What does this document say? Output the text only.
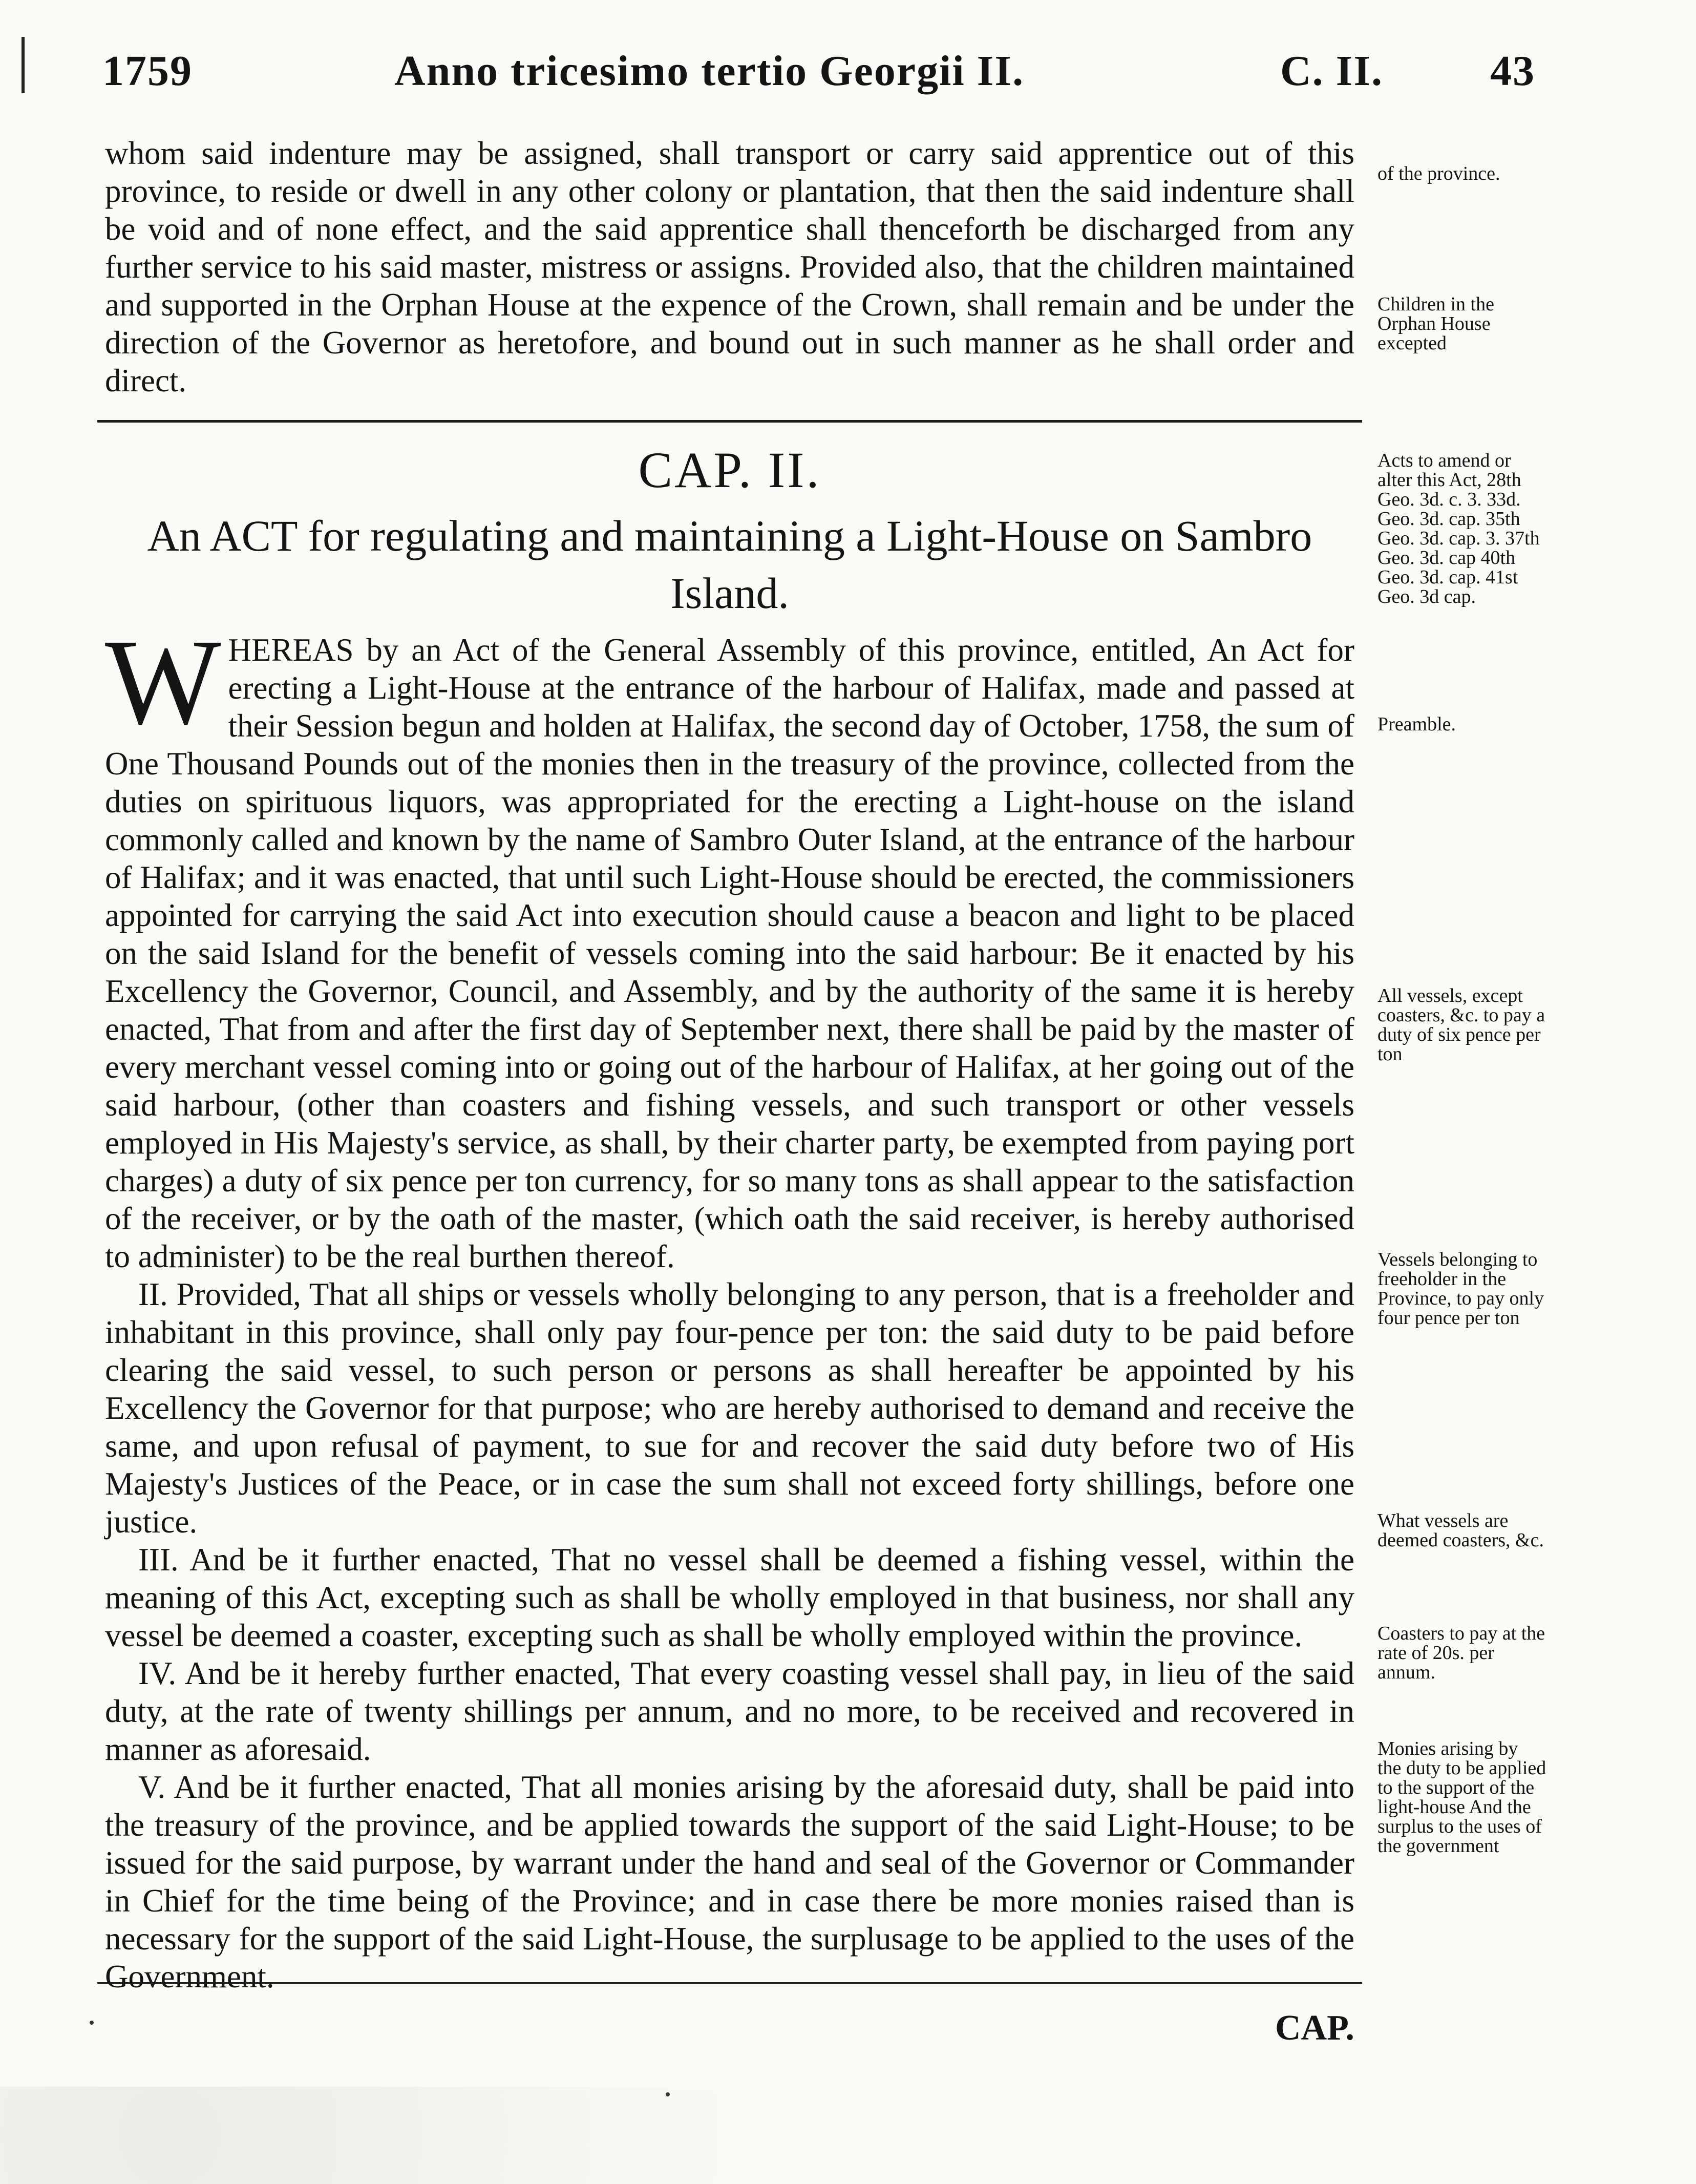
1759	Anno tricesimo tertio Georgii II.	C. II. 43

whom said indenture may be assigned, shall transport or carry said apprentice out of this province, to reside or dwell in any other colony or plantation, that then the said indenture shall be void and of none effect, and the said apprentice shall thenceforth be discharged from any further service to his said master, mistress or assigns. Provided also, that the children maintained and supported in the Orphan House at the expence of the Crown, shall remain and be under the direction of the Governor as heretofore, and bound out in such manner as he shall order and direct.

CAP. II.
An ACT for regulating and maintaining a Light-House on Sambro Island.

W HEREAS by an Act of the General Assembly of this province, entitled, An Act for erecting a Light-House at the entrance of the harbour of Halifax, made and passed at their Session begun and holden at Halifax, the second day of October, 1758, the sum of One Thousand Pounds out of the monies then in the treasury of the province, collected from the duties on spirituous liquors, was appropriated for the erecting a Light-house on the island commonly called and known by the name of Sambro Outer Island, at the entrance of the harbour of Halifax; and it was enacted, that until such Light-House should be erected, the commissioners appointed for carrying the said Act into execution should cause a beacon and light to be placed on the said Island for the benefit of vessels coming into the said harbour: Be it enacted by his Excellency the Governor, Council, and Assembly, and by the authority of the same it is hereby enacted, That from and after the first day of September next, there shall be paid by the master of every merchant vessel coming into or going out of the harbour of Halifax, at her going out of the said harbour, (other than coasters and fishing vessels, and such transport or other vessels employed in His Majesty's service, as shall, by their charter party, be exempted from paying port charges) a duty of six pence per ton currency, for so many tons as shall appear to the satisfaction of the receiver, or by the oath of the master, (which oath the said receiver, is hereby authorised to administer) to be the real burthen thereof.

II. Provided, That all ships or vessels wholly belonging to any person, that is a freeholder and inhabitant in this province, shall only pay four-pence per ton: the said duty to be paid before clearing the said vessel, to such person or persons as shall hereafter be appointed by his Excellency the Governor for that purpose; who are hereby authorised to demand and receive the same, and upon refusal of payment, to sue for and recover the said duty before two of His Majesty's Justices of the Peace, or in case the sum shall not exceed forty shillings, before one justice.

III. And be it further enacted, That no vessel shall be deemed a fishing vessel, within the meaning of this Act, excepting such as shall be wholly employed in that business, nor shall any vessel be deemed a coaster, excepting such as shall be wholly employed within the province.

IV. And be it hereby further enacted, That every coasting vessel shall pay, in lieu of the said duty, at the rate of twenty shillings per annum, and no more, to be received and recovered in manner as aforesaid.

V. And be it further enacted, That all monies arising by the aforesaid duty, shall be paid into the treasury of the province, and be applied towards the support of the said Light-House; to be issued for the said purpose, by warrant under the hand and seal of the Governor or Commander in Chief for the time being of the Province; and in case there be more monies raised than is necessary for the support of the said Light-House, the surplusage to be applied to the uses of the Government.

of the province.
Children in the Orphan House excepted
Acts to amend or alter this Act, 28th Geo. 3d. c. 3. 33d. Geo. 3d. cap. 35th Geo. 3d. cap. 3. 37th Geo. 3d. cap 40th Geo. 3d. cap. 41st Geo. 3d cap.
Preamble.
All vessels, except coasters, &c. to pay a duty of six pence per ton
Vessels belonging to freeholder in the Province, to pay only four pence per ton
What vessels are deemed coasters, &c.
Coasters to pay at the rate of 20s. per annum.
Monies arising by the duty to be applied to the support of the light-house And the surplus to the uses of the government
CAP.
